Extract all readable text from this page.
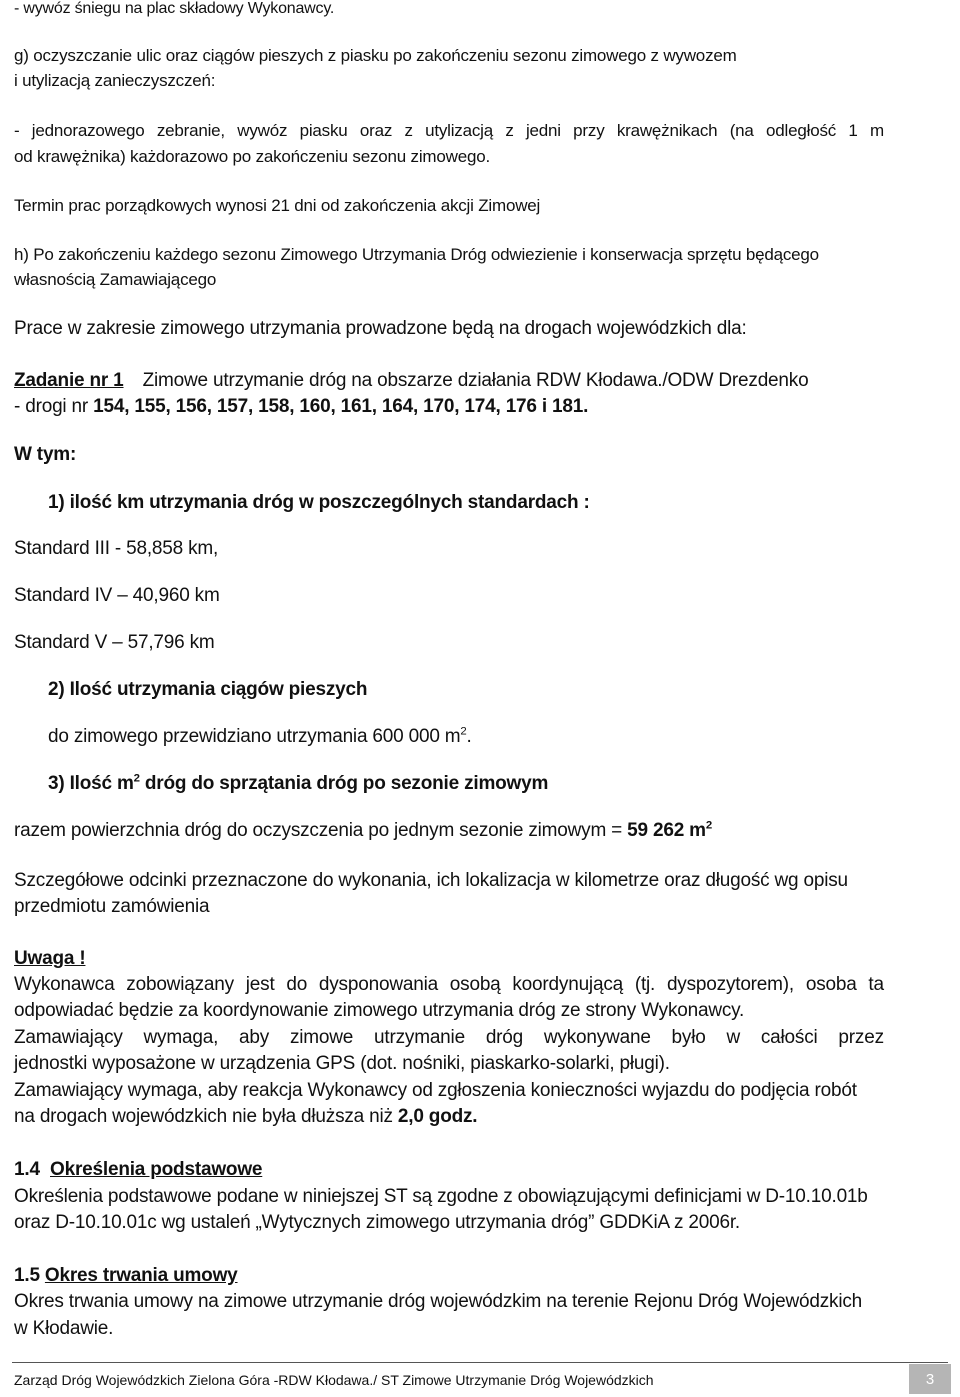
- wywóz śniegu na plac składowy Wykonawcy.
g) oczyszczanie ulic oraz ciągów pieszych z piasku po zakończeniu sezonu zimowego z wywozem
i utylizacją zanieczyszczeń:
- jednorazowego zebranie, wywóz piasku oraz z utylizacją z jedni przy krawężnikach (na odległość 1 m
od krawężnika) każdorazowo po zakończeniu sezonu zimowego.
Termin prac porządkowych wynosi 21 dni od zakończenia akcji Zimowej
h) Po zakończeniu każdego sezonu Zimowego Utrzymania Dróg odwiezienie i konserwacja sprzętu będącego
własnością Zamawiającego
Prace w zakresie zimowego utrzymania prowadzone będą na drogach wojewódzkich dla:
Zadanie nr 1 Zimowe utrzymanie dróg na obszarze działania RDW Kłodawa./ODW Drezdenko
- drogi nr 154, 155, 156, 157, 158, 160, 161, 164, 170, 174, 176 i 181.
W tym:
1) ilość km utrzymania dróg w poszczególnych standardach :
Standard III - 58,858 km,
Standard IV – 40,960 km
Standard V – 57,796 km
2) Ilość utrzymania ciągów pieszych
do zimowego przewidziano utrzymania 600 000 $m^2$.
3) Ilość $m^2$ dróg do sprzątania dróg po sezonie zimowym
razem powierzchnia dróg do oczyszczenia po jednym sezonie zimowym = 59 262 $m^2$
Szczegółowe odcinki przeznaczone do wykonania, ich lokalizacja w kilometrze oraz długość wg opisu
przedmiotu zamówienia
Uwaga !
Wykonawca zobowiązany jest do dysponowania osobą koordynującą (tj. dyspozytorem), osoba ta
odpowiadać będzie za koordynowanie zimowego utrzymania dróg ze strony Wykonawcy.
Zamawiający wymaga, aby zimowe utrzymanie dróg wykonywane było w całości przez
jednostki wyposażone w urządzenia GPS (dot. nośniki, piaskarko-solarki, pługi).
Zamawiający wymaga, aby reakcja Wykonawcy od zgłoszenia konieczności wyjazdu do podjęcia robót
na drogach wojewódzkich nie była dłuższa niż 2,0 godz.
1.4 Określenia podstawowe
Określenia podstawowe podane w niniejszej ST są zgodne z obowiązującymi definicjami w D-10.10.01b
oraz D-10.10.01c wg ustaleń „Wytycznych zimowego utrzymania dróg” GDDKiA z 2006r.
1.5 Okres trwania umowy
Okres trwania umowy na zimowe utrzymanie dróg wojewódzkim na terenie Rejonu Dróg Wojewódzkich
w Kłodawie.
Zarząd Dróg Wojewódzkich Zielona Góra -RDW Kłodawa./ ST Zimowe Utrzymanie Dróg Wojewódzkich	3
